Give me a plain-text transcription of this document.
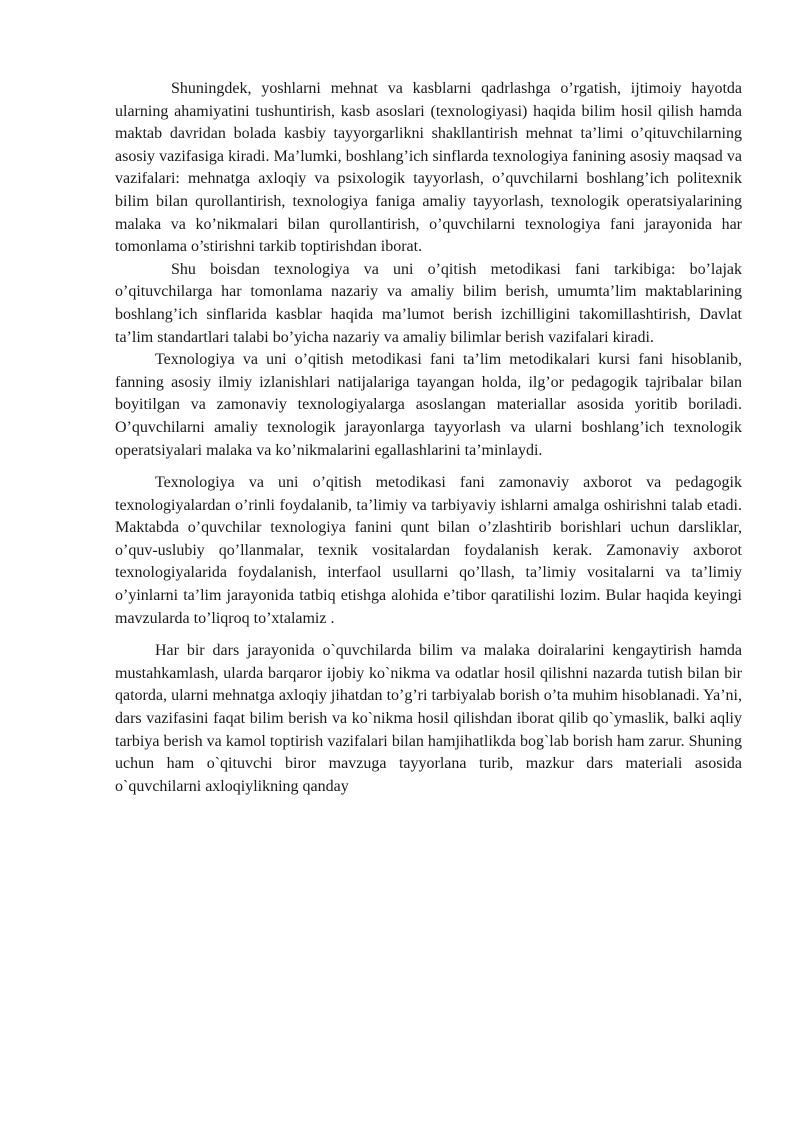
Shuningdek, yoshlarni mehnat va kasblarni qadrlashga o’rgatish, ijtimoiy hayotda ularning ahamiyatini tushuntirish, kasb asoslari (texnologiyasi) haqida bilim hosil qilish hamda maktab davridan bolada kasbiy tayyorgarlikni shakllantirish mehnat ta’limi o’qituvchilarning asosiy vazifasiga kiradi. Ma’lumki, boshlang’ich sinflarda texnologiya fanining asosiy maqsad va vazifalari: mehnatga axloqiy va psixologik tayyorlash, o’quvchilarni boshlang’ich politexnik bilim bilan qurollantirish, texnologiya faniga amaliy tayyorlash, texnologik operatsiyalarining malaka va ko’nikmalari bilan qurollantirish, o’quvchilarni texnologiya fani jarayonida har tomonlama o’stirishni tarkib toptirishdan iborat.

Shu boisdan texnologiya va uni o’qitish metodikasi fani tarkibiga: bo’lajak o’qituvchilarga har tomonlama nazariy va amaliy bilim berish, umumta’lim maktablarining boshlang’ich sinflarida kasblar haqida ma’lumot berish izchilligini takomillashtirish, Davlat ta’lim standartlari talabi bo’yicha nazariy va amaliy bilimlar berish vazifalari kiradi.

Texnologiya va uni o’qitish metodikasi fani ta’lim metodikalari kursi fani hisoblanib, fanning asosiy ilmiy izlanishlari natijalariga tayangan holda, ilg’or pedagogik tajribalar bilan boyitilgan va zamonaviy texnologiyalarga asoslangan materiallar asosida yoritib boriladi. O’quvchilarni amaliy texnologik jarayonlarga tayyorlash va ularni boshlang’ich texnologik operatsiyalari malaka va ko’nikmalarini egallashlarini ta’minlaydi.

Texnologiya va uni o’qitish metodikasi fani zamonaviy axborot va pedagogik texnologiyalardan o’rinli foydalanib, ta’limiy va tarbiyaviy ishlarni amalga oshirishni talab etadi. Maktabda o’quvchilar texnologiya fanini qunt bilan o’zlashtirib borishlari uchun darsliklar, o’quv-uslubiy qo’llanmalar, texnik vositalardan foydalanish kerak. Zamonaviy axborot texnologiyalarida foydalanish, interfaol usullarni qo’llash, ta’limiy vositalarni va ta’limiy o’yinlarni ta’lim jarayonida tatbiq etishga alohida e’tibor qaratilishi lozim. Bular haqida keyingi mavzularda to’liqroq to’xtalamiz .

Har bir dars jarayonida o`quvchilarda bilim va malaka doiralarini kengaytirish hamda mustahkamlash, ularda barqaror ijobiy ko`nikma va odatlar hosil qilishni nazarda tutish bilan bir qatorda, ularni mehnatga axloqiy jihatdan to’g’ri tarbiyalab borish o’ta muhim hisoblanadi. Ya’ni, dars vazifasini faqat bilim berish va ko`nikma hosil qilishdan iborat qilib qo`ymaslik, balki aqliy tarbiya berish va kamol toptirish vazifalari bilan hamjihatlikda bog`lab borish ham zarur. Shuning uchun ham o`qituvchi biror mavzuga tayyorlana turib, mazkur dars materiali asosida o`quvchilarni axloqiylikning qanday
